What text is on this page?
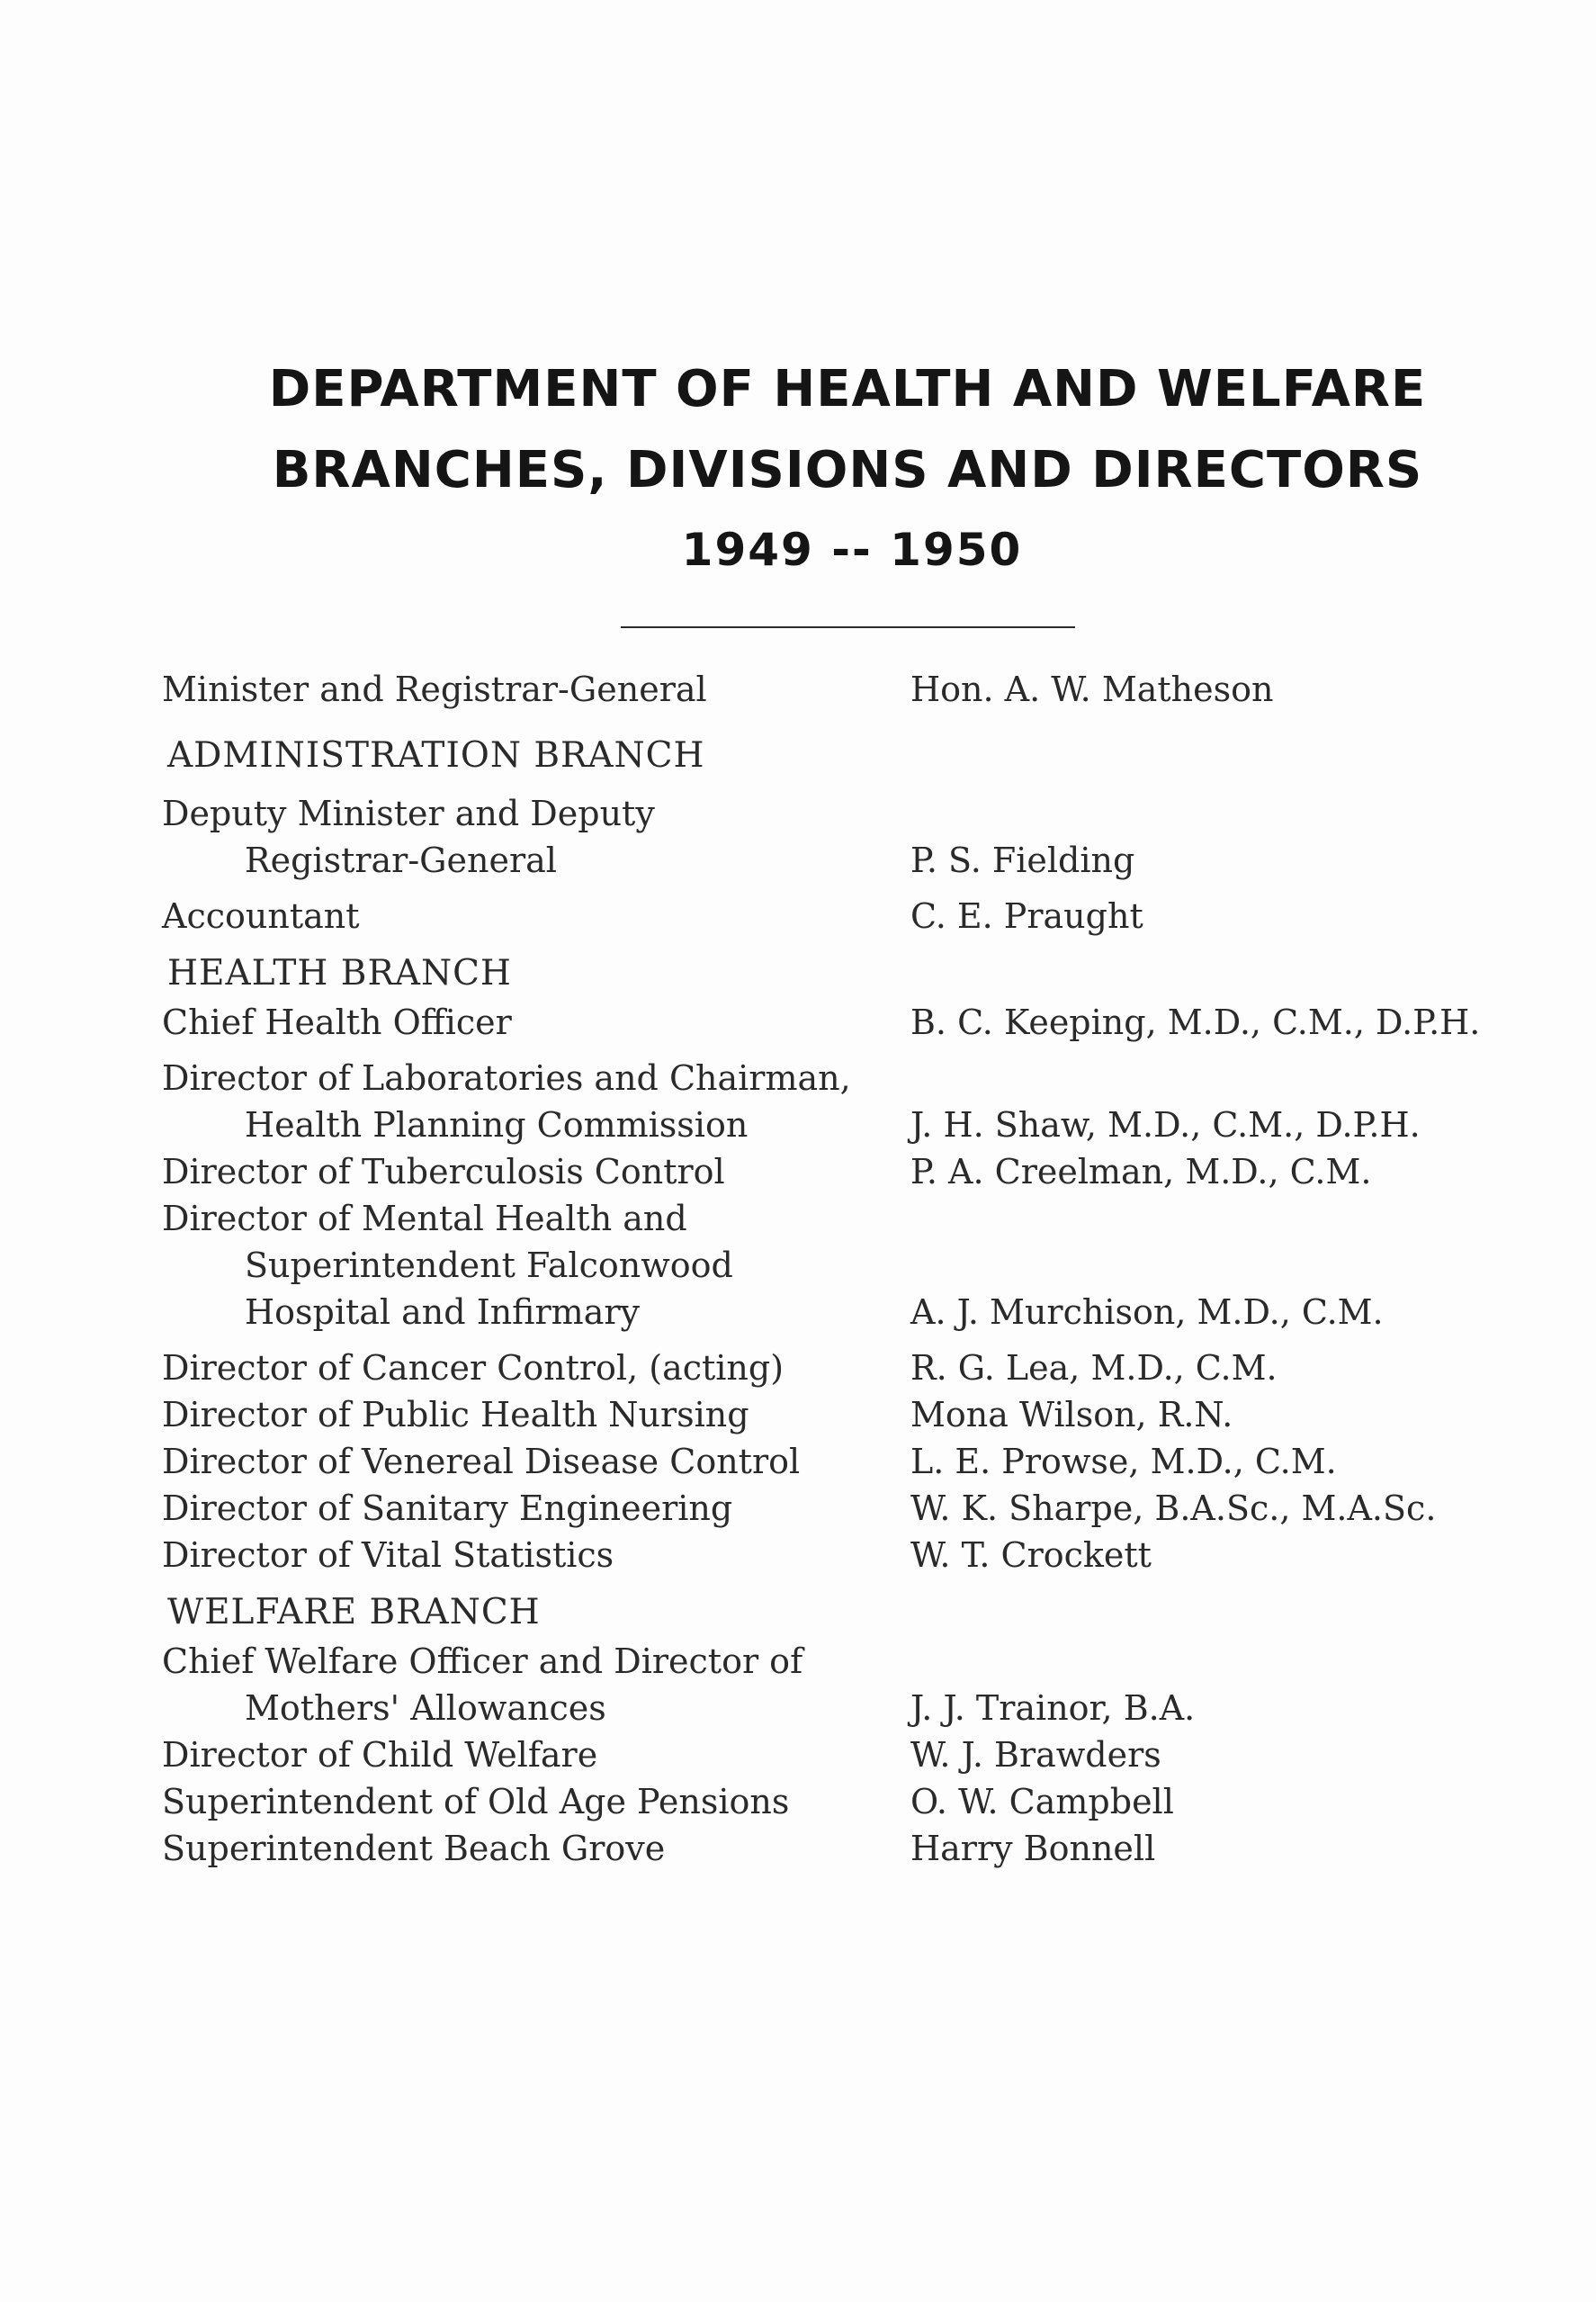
DEPARTMENT OF HEALTH AND WELFARE
BRANCHES, DIVISIONS AND DIRECTORS
1949 -- 1950
Minister and Registrar-General	Hon. A. W. Matheson
ADMINISTRATION BRANCH
Deputy Minister and Deputy
Registrar-General	P. S. Fielding
Accountant	C. E. Praught
HEALTH BRANCH
Chief Health Officer	B. C. Keeping, M.D., C.M., D.P.H.
Director of Laboratories and Chairman,
Health Planning Commission	J. H. Shaw, M.D., C.M., D.P.H.
Director of Tuberculosis Control	P. A. Creelman, M.D., C.M.
Director of Mental Health and
Superintendent Falconwood
Hospital and Infirmary	A. J. Murchison, M.D., C.M.
Director of Cancer Control, (acting)	R. G. Lea, M.D., C.M.
Director of Public Health Nursing	Mona Wilson, R.N.
Director of Venereal Disease Control	L. E. Prowse, M.D., C.M.
Director of Sanitary Engineering	W. K. Sharpe, B.A.Sc., M.A.Sc.
Director of Vital Statistics	W. T. Crockett
WELFARE BRANCH
Chief Welfare Officer and Director of
Mothers' Allowances	J. J. Trainor, B.A.
Director of Child Welfare	W. J. Brawders
Superintendent of Old Age Pensions	O. W. Campbell
Superintendent Beach Grove	Harry Bonnell
